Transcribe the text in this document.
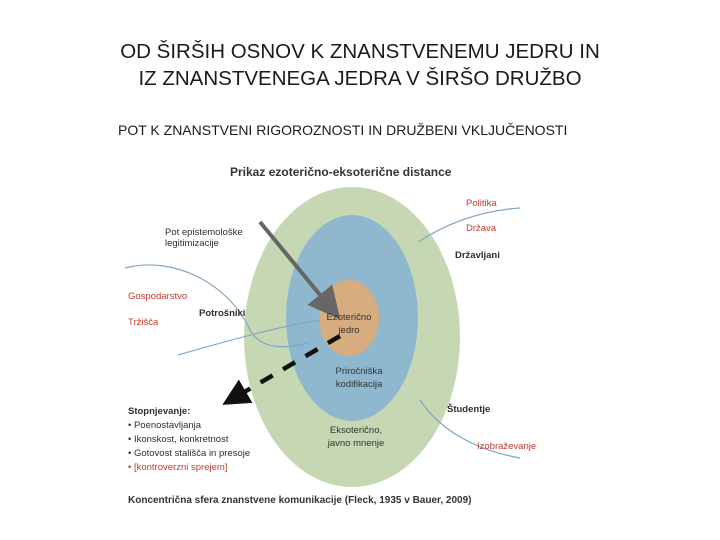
OD ŠIRŠIH OSNOV K ZNANSTVENEMU JEDRU IN
IZ ZNANSTVENEGA JEDRA V ŠIRŠO DRUŽBO
POT K ZNANSTVENI RIGOROZNOSTI IN DRUŽBENI VKLJUČENOSTI
Prikaz ezoterično-eksoterične distance
Ezoterično
jedro
Priročniška
kodifikacija
Eksoterično,
javno mnenje
Pot epistemološke
legitimizacije
Politika
Država
Državljani
Študentje
Izobraževanje
Gospodarstvo
Potrošniki
Tržišča
Stopnjevanje:
• Poenostavljanja
• Ikonskost, konkretnost
• Gotovost stališča in presoje
• [kontroverzni sprejem]
Koncentrična sfera znanstvene komunikacije (Fleck, 1935 v Bauer, 2009)
